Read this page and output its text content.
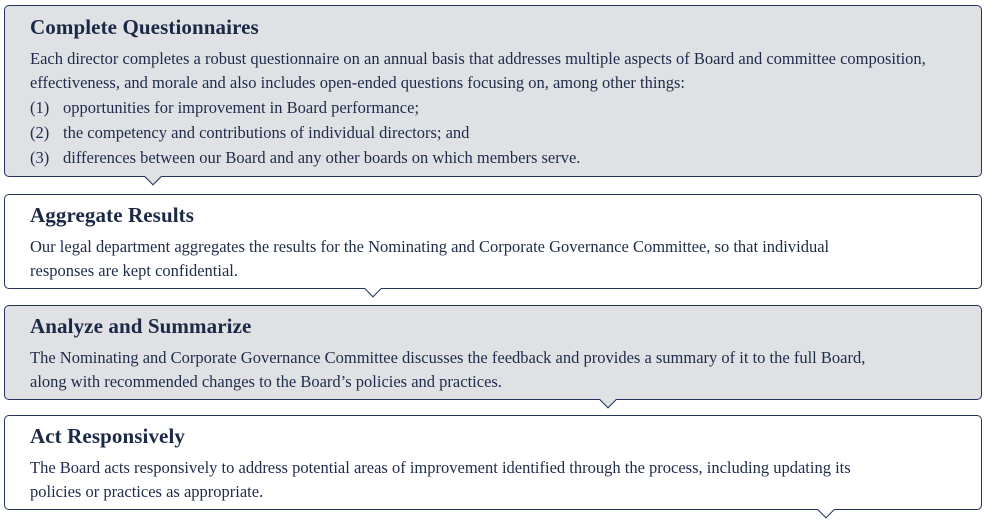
Complete Questionnaires

Each director completes a robust questionnaire on an annual basis that addresses multiple aspects of Board and committee composition, effectiveness, and morale and also includes open-ended questions focusing on, among other things:

(1) opportunities for improvement in Board performance;
(2) the competency and contributions of individual directors; and
(3) differences between our Board and any other boards on which members serve.
Aggregate Results

Our legal department aggregates the results for the Nominating and Corporate Governance Committee, so that individual responses are kept confidential.

Analyze and Summarize

The Nominating and Corporate Governance Committee discusses the feedback and provides a summary of it to the full Board, along with recommended changes to the Board’s policies and practices.

Act Responsively

The Board acts responsively to address potential areas of improvement identified through the process, including updating its policies or practices as appropriate.
